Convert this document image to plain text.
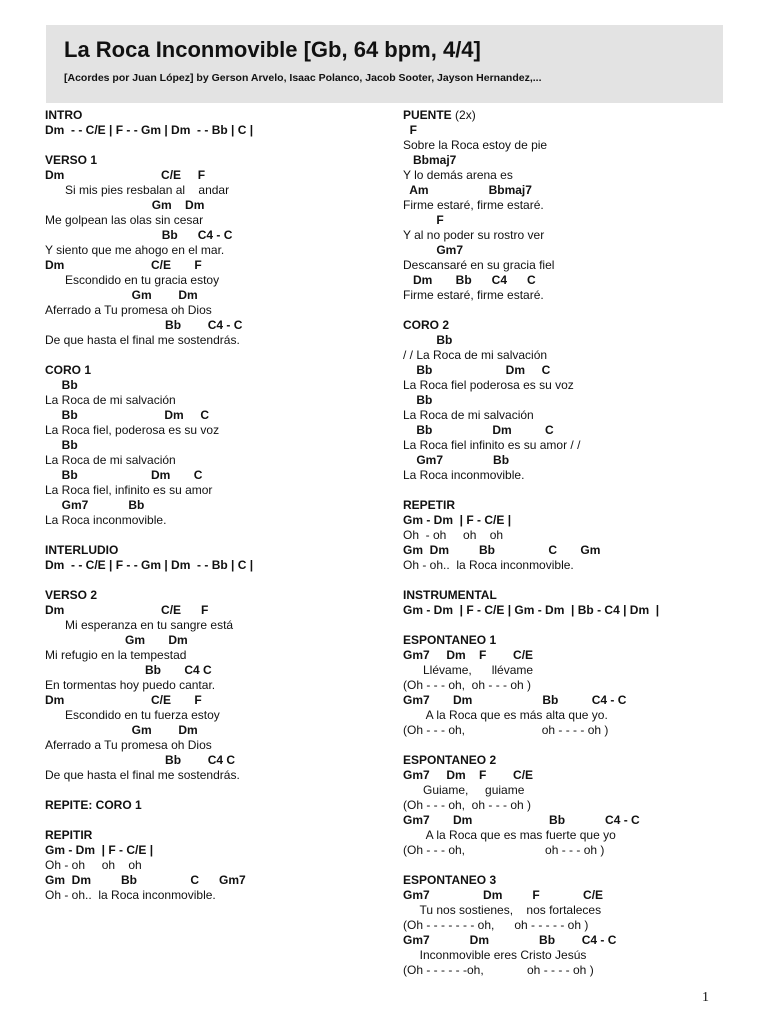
La Roca Inconmovible [Gb, 64 bpm, 4/4]

[Acordes por Juan López] by Gerson Arvelo, Isaac Polanco, Jacob Sooter, Jayson Hernandez,...

INTRO
Dm  - - C/E | F - - Gm | Dm  - - Bb | C |
VERSO 1
Dm                             C/E     F
Si mis pies resbalan al    andar
Gm    Dm
Me golpean las olas sin cesar
Bb      C4 - C
Y siento que me ahogo en el mar.
Dm                          C/E       F
Escondido en tu gracia estoy
Gm        Dm
Aferrado a Tu promesa oh Dios
Bb        C4 - C
De que hasta el final me sostendrás.
CORO 1
Bb
La Roca de mi salvación
Bb                          Dm     C
La Roca fiel, poderosa es su voz
Bb
La Roca de mi salvación
Bb                      Dm       C
La Roca fiel, infinito es su amor
Gm7            Bb
La Roca inconmovible.
INTERLUDIO
Dm  - - C/E | F - - Gm | Dm  - - Bb | C |
VERSO 2
Dm                             C/E      F
Mi esperanza en tu sangre está
Gm       Dm
Mi refugio en la tempestad
Bb       C4 C
En tormentas hoy puedo cantar.
Dm                          C/E       F
Escondido en tu fuerza estoy
Gm        Dm
Aferrado a Tu promesa oh Dios
Bb        C4 C
De que hasta el final me sostendrás.
REPITE: CORO 1
REPITIR
Gm - Dm  | F - C/E |
Oh - oh     oh    oh
Gm  Dm         Bb                C      Gm7
Oh - oh..  la Roca inconmovible.
PUENTE (2x)
F
Sobre la Roca estoy de pie
Bbmaj7
Y lo demás arena es
Am                  Bbmaj7
Firme estaré, firme estaré.
F
Y al no poder su rostro ver
Gm7
Descansaré en su gracia fiel
Dm       Bb      C4      C
Firme estaré, firme estaré.
CORO 2
Bb
/ / La Roca de mi salvación
Bb                      Dm     C
La Roca fiel poderosa es su voz
Bb
La Roca de mi salvación
Bb                  Dm          C
La Roca fiel infinito es su amor / /
Gm7               Bb
La Roca inconmovible.
REPETIR
Gm - Dm  | F - C/E |
Oh  - oh     oh    oh
Gm  Dm         Bb                C       Gm
Oh - oh..  la Roca inconmovible.
INSTRUMENTAL
Gm - Dm  | F - C/E | Gm - Dm  | Bb - C4 | Dm  |
ESPONTANEO 1
Gm7     Dm    F        C/E
Llévame,      llévame
(Oh - - - oh,  oh - - - oh )
Gm7       Dm                     Bb          C4 - C
A la Roca que es más alta que yo.
(Oh - - - oh,                       oh - - - - oh )
ESPONTANEO 2
Gm7     Dm    F        C/E
Guiame,     guiame
(Oh - - - oh,  oh - - - oh )
Gm7       Dm                       Bb            C4 - C
A la Roca que es mas fuerte que yo
(Oh - - - oh,                        oh - - - oh )
ESPONTANEO 3
Gm7                Dm         F             C/E
Tu nos sostienes,    nos fortaleces
(Oh - - - - - - - oh,      oh - - - - - oh )
Gm7            Dm               Bb        C4 - C
Inconmovible eres Cristo Jesús
(Oh - - - - - -oh,             oh - - - - oh )
1
